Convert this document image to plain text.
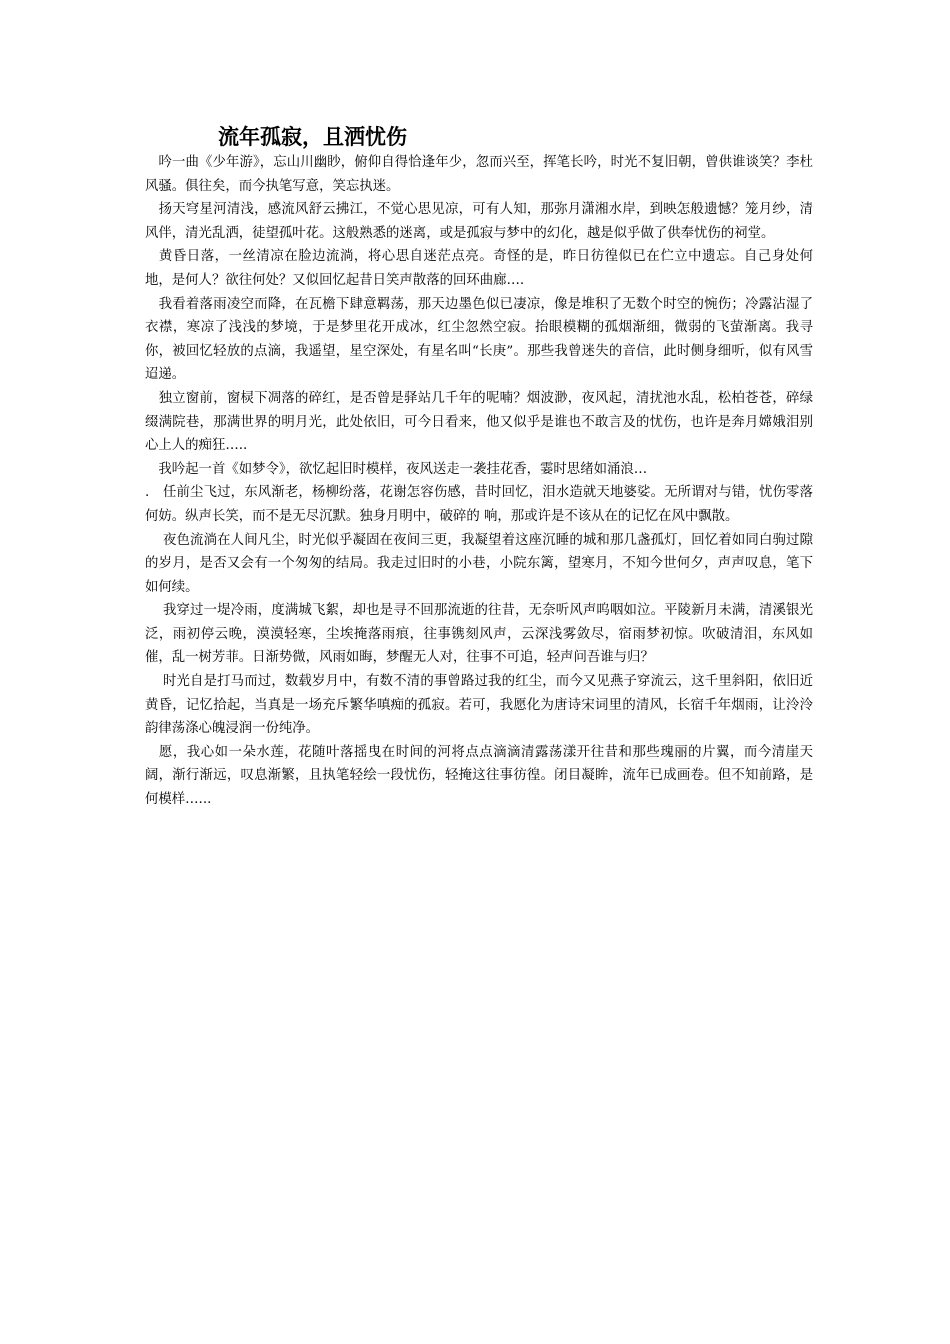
流年孤寂，且洒忧伤

　吟一曲《少年游》，忘山川幽眇，俯仰自得恰逢年少，忽而兴至，挥笔长吟，时光不复旧朝，曾供谁谈笑？李杜风骚。俱往矣，而今执笔写意，笑忘执迷。

　扬天穹星河清浅，感流风舒云拂江，不觉心思见凉，可有人知，那弥月潇湘水岸，到映怎般遗憾？笼月纱，清风伴，清光乱洒，徒望孤叶花。这般熟悉的迷离，或是孤寂与梦中的幻化，越是似乎做了供奉忧伤的祠堂。

　黄昏日落，一丝清凉在脸边流淌，将心思自迷茫点亮。奇怪的是，昨日彷徨似已在伫立中遗忘。自己身处何地，是何人？欲往何处？又似回忆起昔日笑声散落的回环曲廊….

　我看着落雨凌空而降，在瓦檐下肆意羁荡，那天边墨色似已凄凉，像是堆积了无数个时空的惋伤；冷露沾湿了衣襟，寒凉了浅浅的梦境，于是梦里花开成冰，红尘忽然空寂。抬眼模糊的孤烟渐细，微弱的飞萤渐离。我寻你，被回忆轻放的点滴，我遥望，星空深处，有星名叫“长庚”。那些我曾迷失的音信，此时侧身细听，似有风雪迢递。

　独立窗前，窗棂下凋落的碎红，是否曾是驿站几千年的呢喃？烟波渺，夜风起，清扰池水乱，松柏苍苍，碎绿缀满院巷，那满世界的明月光，此处依旧，可今日看来，他又似乎是谁也不敢言及的忧伤，也许是奔月嫦娥泪别心上人的痴狂…..

　我吟起一首《如梦令》，欲忆起旧时模样，夜风送走一袭挂花香，霎时思绪如涌浪…

.　任前尘飞过，东风渐老，杨柳纷落，花谢怎容伤感，昔时回忆，泪水造就天地婆娑。无所谓对与错，忧伤零落何妨。纵声长笑，而不是无尽沉默。独身月明中，破碎的 响，那或许是不该从在的记忆在风中飘散。

　 夜色流淌在人间凡尘，时光似乎凝固在夜间三更，我凝望着这座沉睡的城和那几盏孤灯，回忆着如同白驹过隙的岁月，是否又会有一个匆匆的结局。我走过旧时的小巷，小院东篱，望寒月，不知今世何夕，声声叹息，笔下如何续。

　 我穿过一堤冷雨，度满城飞絮，却也是寻不回那流逝的往昔，无奈听风声呜咽如泣。平陵新月未满，清溪银光泛，雨初停云晚，漠漠轻寒，尘埃掩落雨痕，往事镌刻风声，云深浅雾敛尽，宿雨梦初惊。吹破清泪，东风如催，乱一树芳菲。日渐势微，风雨如晦，梦醒无人对，往事不可追，轻声问吾谁与归？

　 时光自是打马而过，数载岁月中，有数不清的事曾路过我的红尘，而今又见燕子穿流云，这千里斜阳，依旧近黄昏，记忆拾起，当真是一场充斥繁华嗔痴的孤寂。若可，我愿化为唐诗宋词里的清风，长宿千年烟雨，让泠泠韵律荡涤心魄浸润一份纯净。

　愿，我心如一朵水莲，花随叶落摇曳在时间的河将点点滴滴清露荡漾开往昔和那些瑰丽的片翼，而今清崖天阔，渐行渐远，叹息渐繁，且执笔轻绘一段忧伤，轻掩这往事彷徨。闭目凝眸，流年已成画卷。但不知前路，是何模样…...
